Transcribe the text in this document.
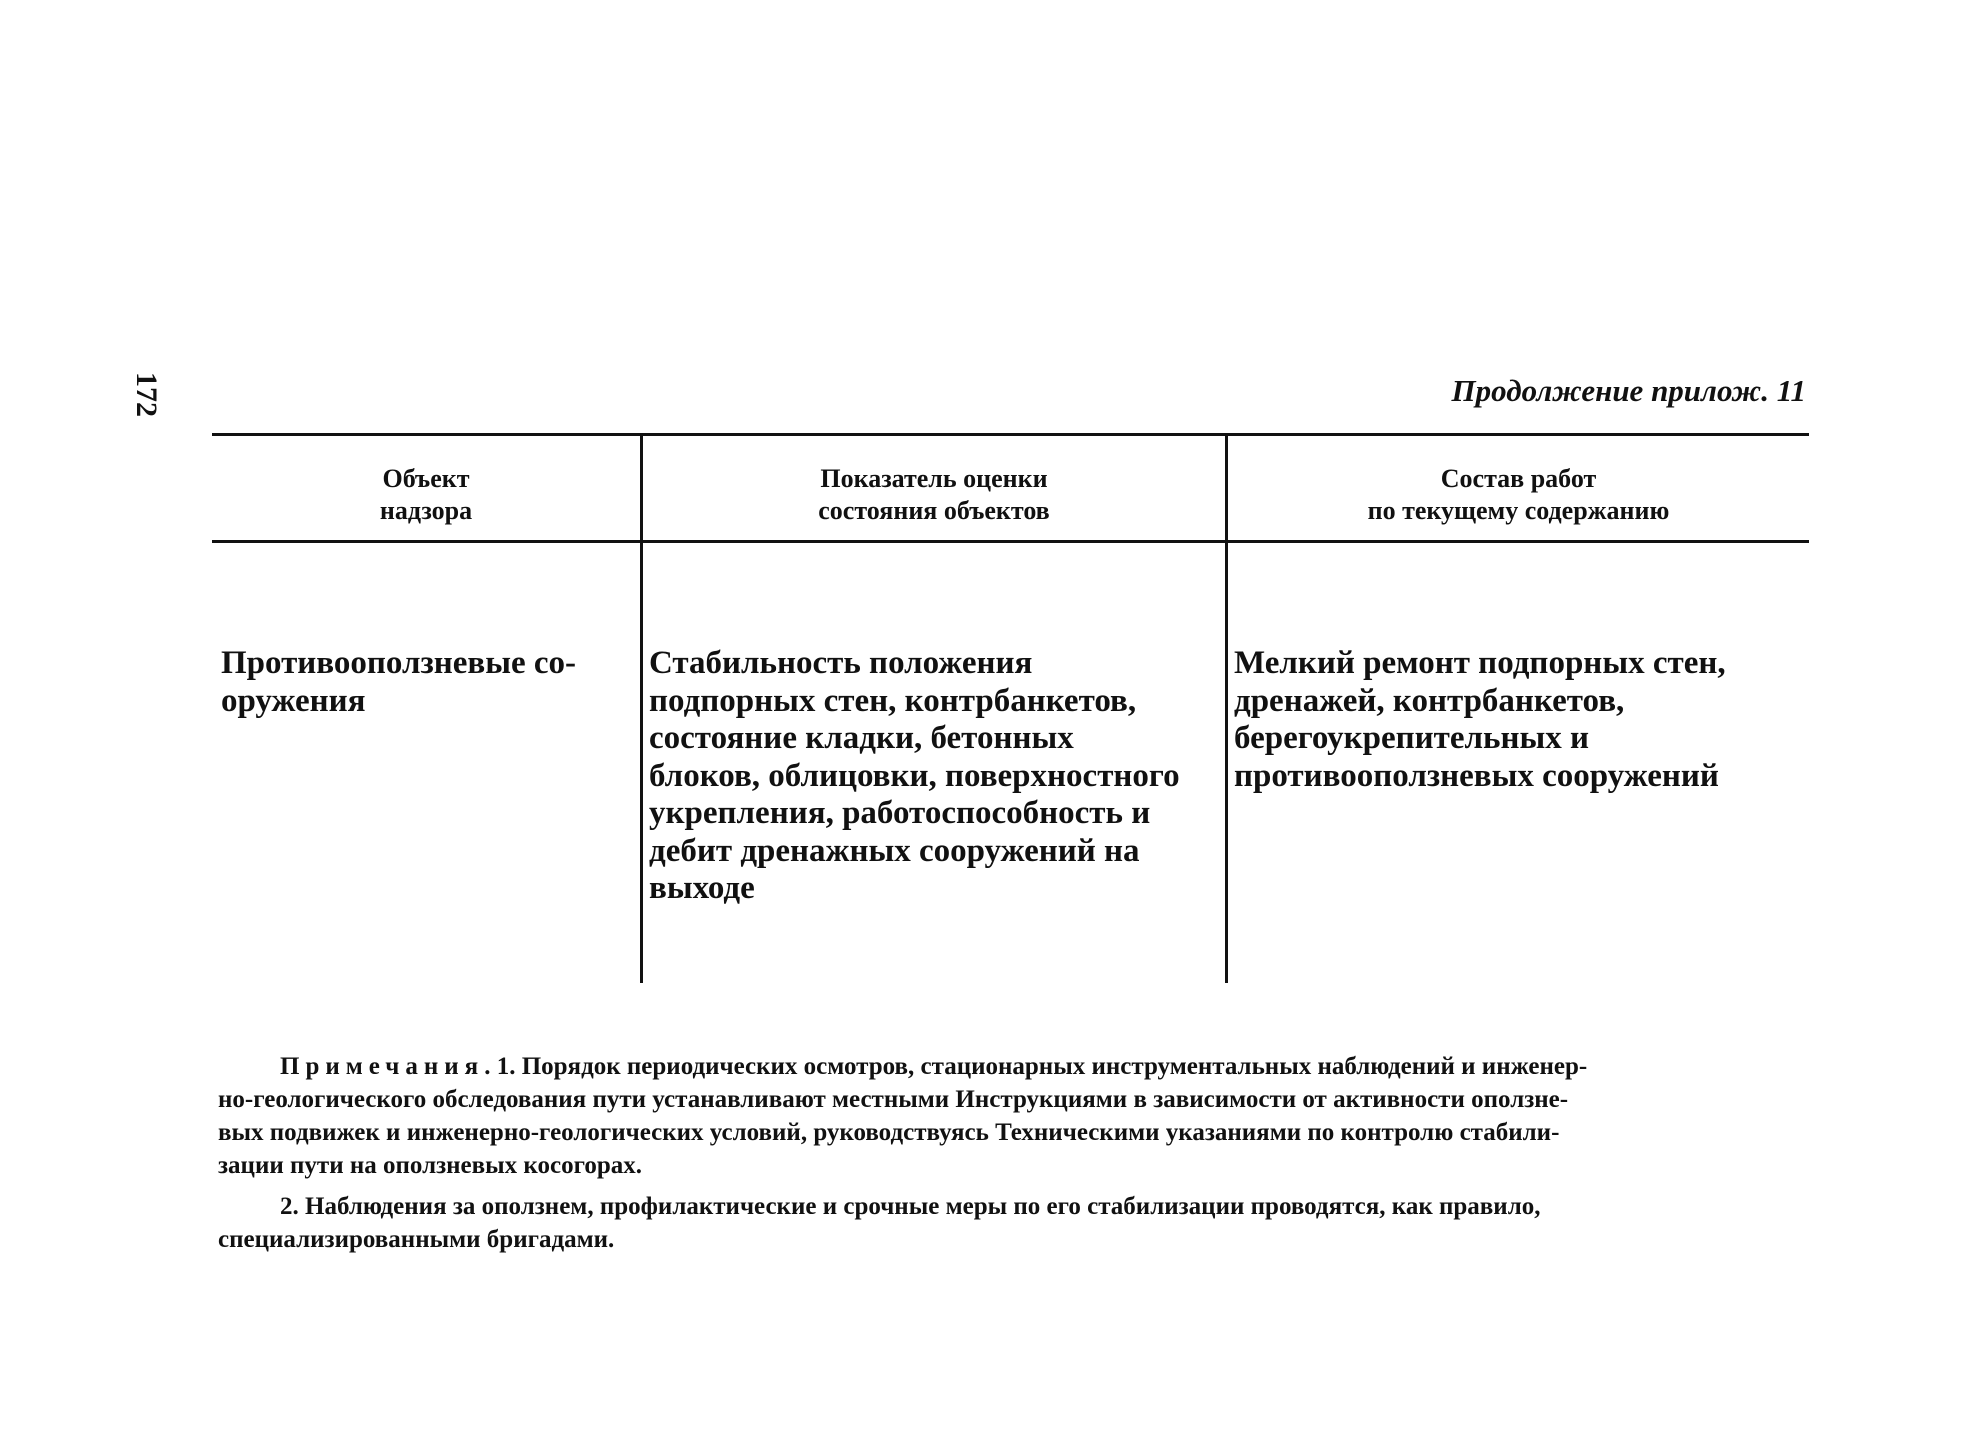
172	Продолжение прилож. 11
Объект
надзора
Показатель оценки
состояния объектов
Состав работ
по текущему содержанию
Противооползневые со-
оружения
Стабильность положения
подпорных стен, контрбанкетов,
состояние кладки, бетонных
блоков, облицовки, поверхностного
укрепления, работоспособность и
дебит дренажных сооружений на
выходе
Мелкий ремонт подпорных стен,
дренажей, контрбанкетов,
берегоукрепительных и
противооползневых сооружений
Примечания. 1. Порядок периодических осмотров, стационарных инструментальных наблюдений и инженер-
но-геологического обследования пути устанавливают местными Инструкциями в зависимости от активности оползне-
вых подвижек и инженерно-геологических условий, руководствуясь Техническими указаниями по контролю стабили-
зации пути на оползневых косогорах.
2. Наблюдения за оползнем, профилактические и срочные меры по его стабилизации проводятся, как правило,
специализированными бригадами.
